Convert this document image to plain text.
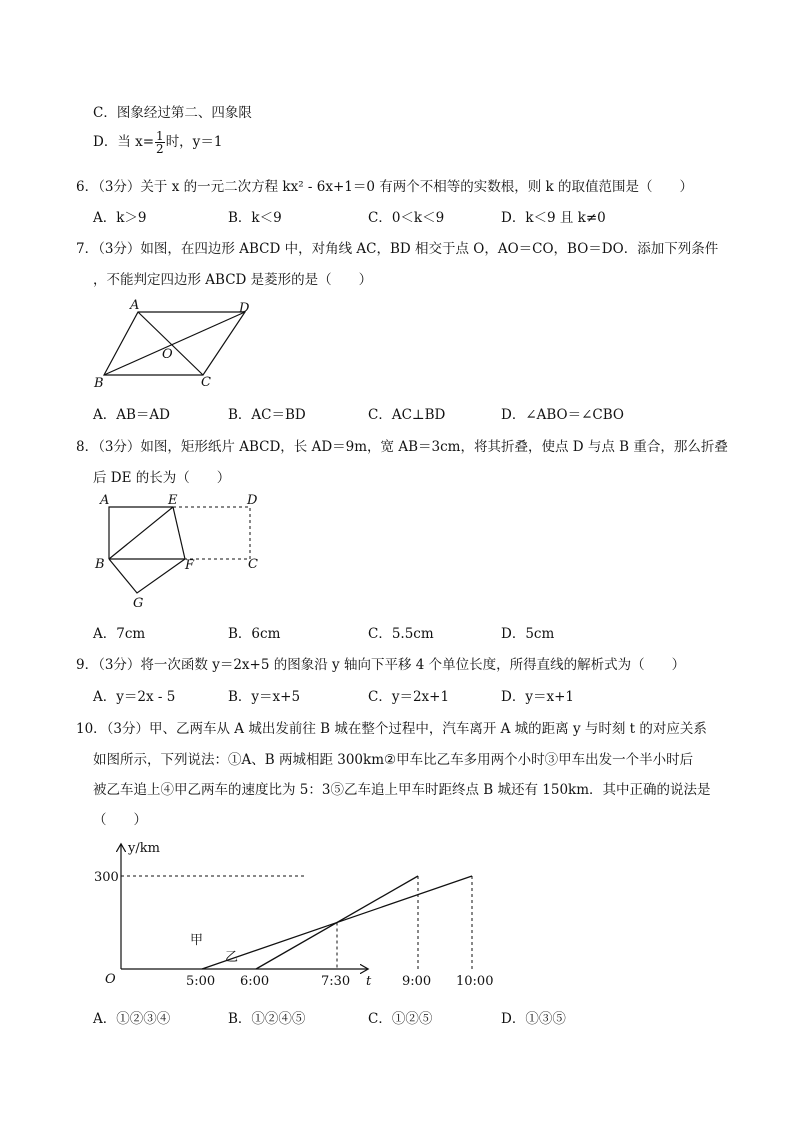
C．图象经过第二、四象限
D．当 $x= \frac{1}{2}$ 时，y＝1
6．（3分）关于 x 的一元二次方程 kx² - 6x+1＝0 有两个不相等的实数根，则 k 的取值范围是（　　）
A．k＞9	B．k＜9	C．0＜k＜9	D．k＜9 且 k≠0
7．（3分）如图，在四边形 ABCD 中，对角线 AC，BD 相交于点 O，AO＝CO，BO＝DO．添加下列条件
，不能判定四边形 ABCD 是菱形的是（　　）
A	D
B	C
O
A．AB＝AD	B．AC＝BD	C．AC⊥BD	D．∠ABO＝∠CBO
8．（3分）如图，矩形纸片 ABCD，长 AD＝9m，宽 AB＝3cm，将其折叠，使点 D 与点 B 重合，那么折叠
后 DE 的长为（　　）
A	E	D
B	F	C
G
A．7cm	B．6cm	C．5.5cm	D．5cm
9．（3分）将一次函数 y＝2x+5 的图象沿 y 轴向下平移 4 个单位长度，所得直线的解析式为（　　）
A．y＝2x - 5	B．y＝x+5	C．y＝2x+1	D．y＝x+1
10．（3分）甲、乙两车从 A 城出发前往 B 城在整个过程中，汽车离开 A 城的距离 y 与时刻 t 的对应关系
如图所示，下列说法：①A、B 两城相距 300km②甲车比乙车多用两个小时③甲车出发一个半小时后
被乙车追上④甲乙两车的速度比为 5：3⑤乙车追上甲车时距终点 B 城还有 150km．其中正确的说法是
（　　）
y/km
t
O
300
5:00 6:00	7:30	9:00 10:00
甲
乙
A．①②③④	B．①②④⑤	C．①②⑤	D．①③⑤
